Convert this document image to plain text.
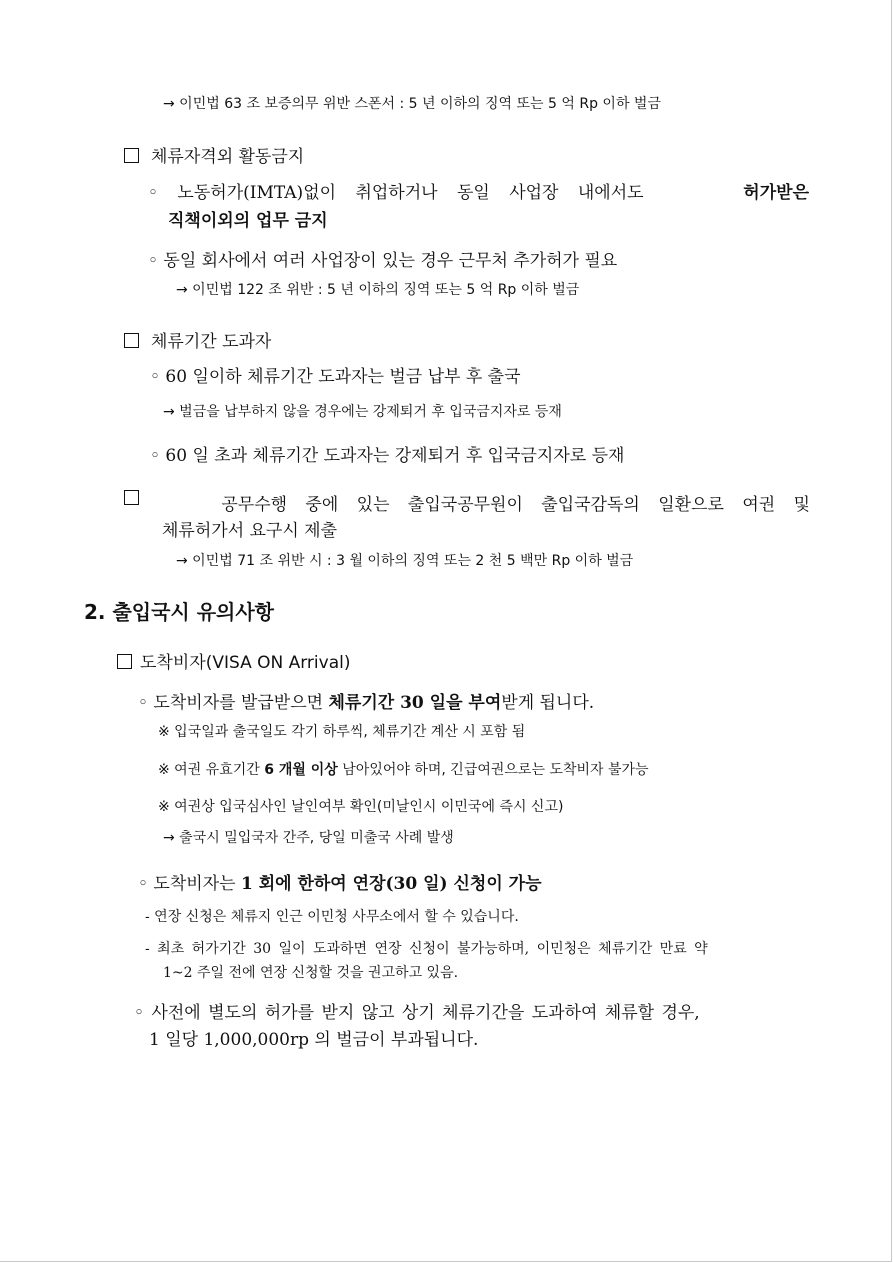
→ 이민법 63 조 보증의무 위반 스폰서 : 5 년 이하의 징역 또는 5 억 Rp 이하 벌금
체류자격외 활동금지
◦ 노동허가(IMTA)없이 취업하거나 동일 사업장 내에서도	허가받은
직책이외의 업무 금지
◦ 동일 회사에서 여러 사업장이 있는 경우 근무처 추가허가 필요
→ 이민법 122 조 위반 : 5 년 이하의 징역 또는 5 억 Rp 이하 벌금
체류기간 도과자
◦ 60 일이하 체류기간 도과자는 벌금 납부 후 출국
→ 벌금을 납부하지 않을 경우에는 강제퇴거 후 입국금지자로 등재
◦ 60 일 초과 체류기간 도과자는 강제퇴거 후 입국금지자로 등재
공무수행 중에 있는 출입국공무원이 출입국감독의 일환으로 여권 및
체류허가서 요구시 제출
→ 이민법 71 조 위반 시 : 3 월 이하의 징역 또는 2 천 5 백만 Rp 이하 벌금
2. 출입국시 유의사항
도착비자(VISA ON Arrival)
◦ 도착비자를 발급받으면 체류기간 30 일을 부여받게 됩니다.
※ 입국일과 출국일도 각기 하루씩, 체류기간 계산 시 포함 됨
※ 여권 유효기간 6 개월 이상 남아있어야 하며, 긴급여권으로는 도착비자 불가능
※ 여권상 입국심사인 날인여부 확인(미날인시 이민국에 즉시 신고)
→ 출국시 밀입국자 간주, 당일 미출국 사례 발생
◦ 도착비자는 1 회에 한하여 연장(30 일) 신청이 가능
- 연장 신청은 체류지 인근 이민청 사무소에서 할 수 있습니다.
- 최초 허가기간 30 일이 도과하면 연장 신청이 불가능하며, 이민청은 체류기간 만료 약
1~2 주일 전에 연장 신청할 것을 권고하고 있음.
◦ 사전에 별도의 허가를 받지 않고 상기 체류기간을 도과하여 체류할 경우,
1 일당 1,000,000rp 의 벌금이 부과됩니다.
